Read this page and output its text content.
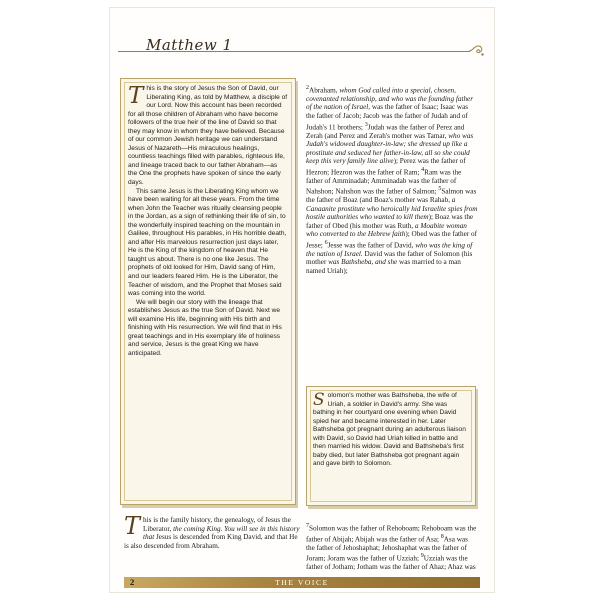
Matthew 1
T his is the story of Jesus the Son of David, our Liberating King, as told by Matthew, a disciple of our Lord. Now this account has been recorded for all those children of Abraham who have become followers of the true heir of the line of David so that they may know in whom they have believed. Because of our common Jewish heritage we can understand Jesus of Nazareth—His miraculous healings, countless teachings filled with parables, righteous life, and lineage traced back to our father Abraham—as the One the prophets have spoken of since the early days.

This same Jesus is the Liberating King whom we have been waiting for all these years. From the time when John the Teacher was ritually cleansing people in the Jordan, as a sign of rethinking their life of sin, to the wonderfully inspired teaching on the mountain in Galilee, throughout His parables, in His horrible death, and after His marvelous resurrection just days later, He is the King of the kingdom of heaven that He taught us about. There is no one like Jesus. The prophets of old looked for Him, David sang of Him, and our leaders feared Him. He is the Liberator, the Teacher of wisdom, and the Prophet that Moses said was coming into the world.

We will begin our story with the lineage that establishes Jesus as the true Son of David. Next we will examine His life, beginning with His birth and finishing with His resurrection. We will find that in His great teachings and in His exemplary life of holiness and service, Jesus is the great King we have anticipated.

$^2$Abraham, whom God called into a special, chosen, covenanted relationship, and who was the founding father of the nation of Israel, was the father of Isaac; Isaac was the father of Jacob; Jacob was the father of Judah and of Judah's 11 brothers; $^3$Judah was the father of Perez and Zerah (and Perez and Zerah's mother was Tamar, who was Judah's widowed daughter-in-law; she dressed up like a prostitute and seduced her father-in-law, all so she could keep this very family line alive); Perez was the father of Hezron; Hezron was the father of Ram; $^4$Ram was the father of Amminadab; Amminadab was the father of Nahshon; Nahshon was the father of Salmon; $^5$Salmon was the father of Boaz (and Boaz's mother was Rahab, a Canaanite prostitute who heroically hid Israelite spies from hostile authorities who wanted to kill them); Boaz was the father of Obed (his mother was Ruth, a Moabite woman who converted to the Hebrew faith); Obed was the father of Jesse; $^6$Jesse was the father of David, who was the king of the nation of Israel. David was the father of Solomon (his mother was Bathsheba, and she was married to a man named Uriah);

S olomon's mother was Bathsheba, the wife of Uriah, a soldier in David's army. She was bathing in her courtyard one evening when David spied her and became interested in her. Later Bathsheba got pregnant during an adulterous liaison with David, so David had Uriah killed in battle and then married his widow. David and Bathsheba's first baby died, but later Bathsheba got pregnant again and gave birth to Solomon.

T his is the family history, the genealogy, of Jesus the Liberator, the coming King. You will see in this history that Jesus is descended from King David, and that He is also descended from Abraham.

$^7$Solomon was the father of Rehoboam; Rehoboam was the father of Abijah; Abijah was the father of Asa; $^8$Asa was the father of Jehoshaphat; Jehoshaphat was the father of Joram; Joram was the father of Uzziah; $^9$Uzziah was the father of Jotham; Jotham was the father of Ahaz; Ahaz was

2	THE VOICE
